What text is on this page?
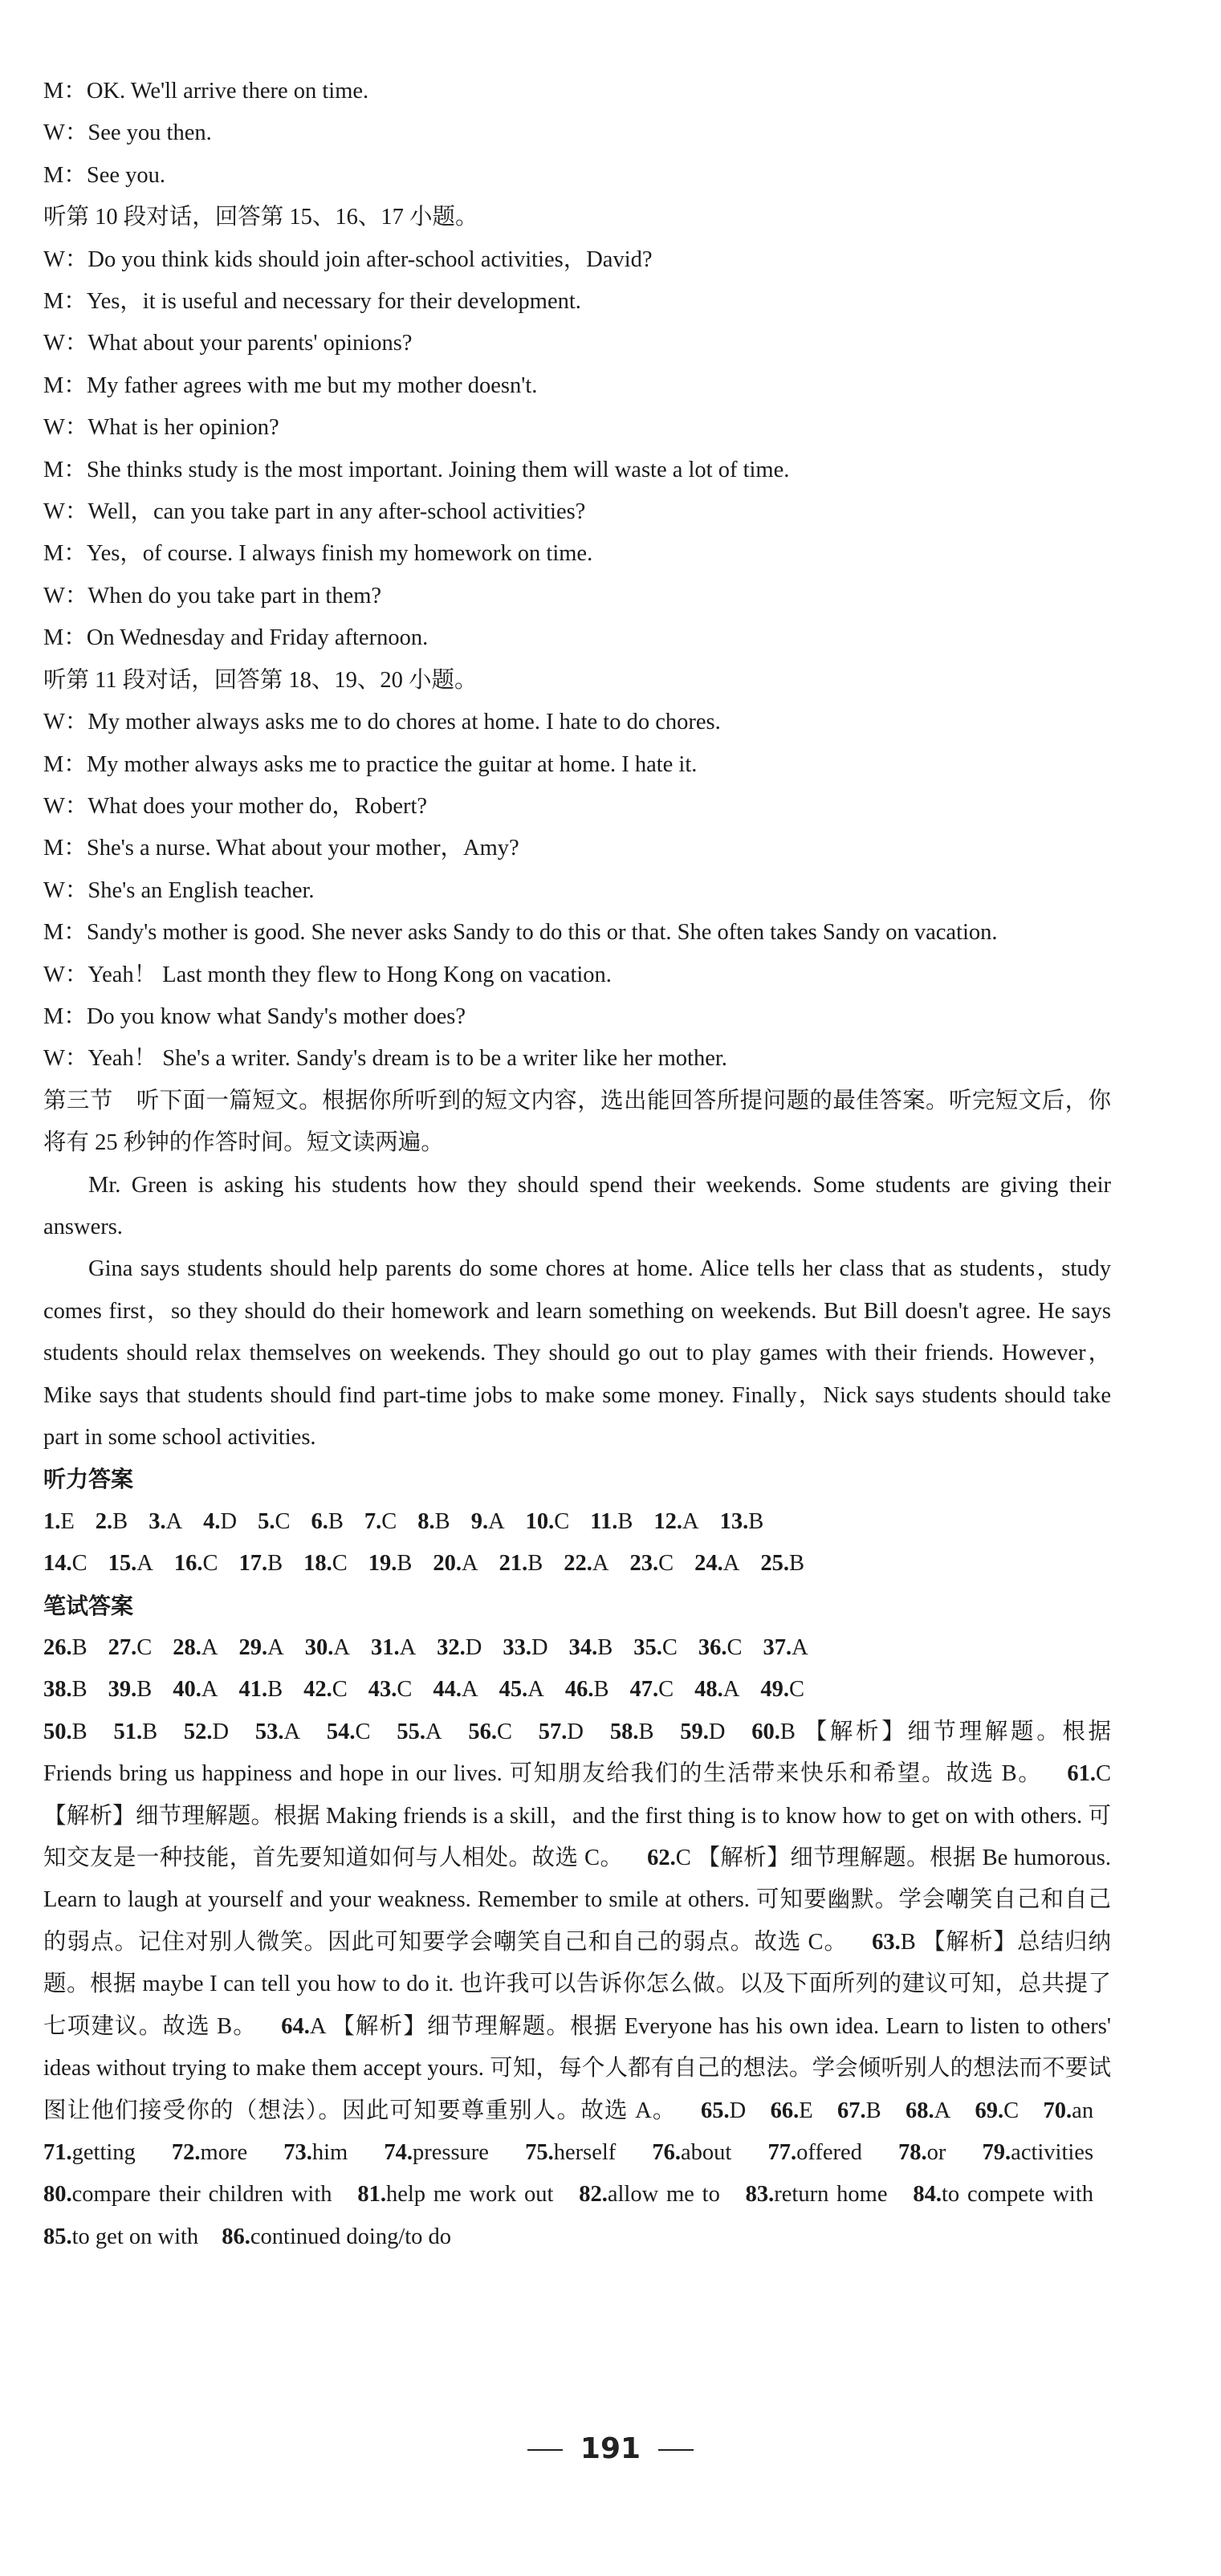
M：OK. We'll arrive there on time.
W：See you then.
M：See you.
听第 10 段对话，回答第 15、16、17 小题。
W：Do you think kids should join after-school activities，David?
M：Yes，it is useful and necessary for their development.
W：What about your parents' opinions?
M：My father agrees with me but my mother doesn't.
W：What is her opinion?
M：She thinks study is the most important. Joining them will waste a lot of time.
W：Well，can you take part in any after-school activities?
M：Yes，of course. I always finish my homework on time.
W：When do you take part in them?
M：On Wednesday and Friday afternoon.
听第 11 段对话，回答第 18、19、20 小题。
W：My mother always asks me to do chores at home. I hate to do chores.
M：My mother always asks me to practice the guitar at home. I hate it.
W：What does your mother do，Robert?
M：She's a nurse. What about your mother，Amy?
W：She's an English teacher.
M：Sandy's mother is good. She never asks Sandy to do this or that. She often takes Sandy on vacation.
W：Yeah！ Last month they flew to Hong Kong on vacation.
M：Do you know what Sandy's mother does?
W：Yeah！ She's a writer. Sandy's dream is to be a writer like her mother.
第三节　听下面一篇短文。根据你所听到的短文内容，选出能回答所提问题的最佳答案。听完短文后，你将有 25 秒钟的作答时间。短文读两遍。
Mr. Green is asking his students how they should spend their weekends. Some students are giving their answers.
Gina says students should help parents do some chores at home. Alice tells her class that as students，study comes first，so they should do their homework and learn something on weekends. But Bill doesn't agree. He says students should relax themselves on weekends. They should go out to play games with their friends. However，Mike says that students should find part-time jobs to make some money. Finally，Nick says students should take part in some school activities.
听力答案
1.E 2.B 3.A 4.D 5.C 6.B 7.C 8.B 9.A 10.C 11.B 12.A 13.B
14.C 15.A 16.C 17.B 18.C 19.B 20.A 21.B 22.A 23.C 24.A 25.B
笔试答案
26.B 27.C 28.A 29.A 30.A 31.A 32.D 33.D 34.B 35.C 36.C 37.A
38.B 39.B 40.A 41.B 42.C 43.C 44.A 45.A 46.B 47.C 48.A 49.C
50.B 51.B 52.D 53.A 54.C 55.A 56.C 57.D 58.B 59.D 60.B 【解析】细节理解题。根据 Friends bring us happiness and hope in our lives. 可知朋友给我们的生活带来快乐和希望。故选 B。 61.C 【解析】细节理解题。根据 Making friends is a skill，and the first thing is to know how to get on with others. 可知交友是一种技能，首先要知道如何与人相处。故选 C。 62.C 【解析】细节理解题。根据 Be humorous. Learn to laugh at yourself and your weakness. Remember to smile at others. 可知要幽默。学会嘲笑自己和自己的弱点。记住对别人微笑。因此可知要学会嘲笑自己和自己的弱点。故选 C。 63.B 【解析】总结归纳题。根据 maybe I can tell you how to do it. 也许我可以告诉你怎么做。以及下面所列的建议可知，总共提了七项建议。故选 B。 64.A 【解析】细节理解题。根据 Everyone has his own idea. Learn to listen to others' ideas without trying to make them accept yours. 可知，每个人都有自己的想法。学会倾听别人的想法而不要试图让他们接受你的（想法）。因此可知要尊重别人。故选 A。 65.D 66.E 67.B 68.A 69.C 70.an 71.getting 72.more 73.him 74.pressure 75.herself 76.about 77.offered 78.or 79.activities 80.compare their children with 81.help me work out 82.allow me to 83.return home 84.to compete with 85.to get on with 86.continued doing/to do
191
